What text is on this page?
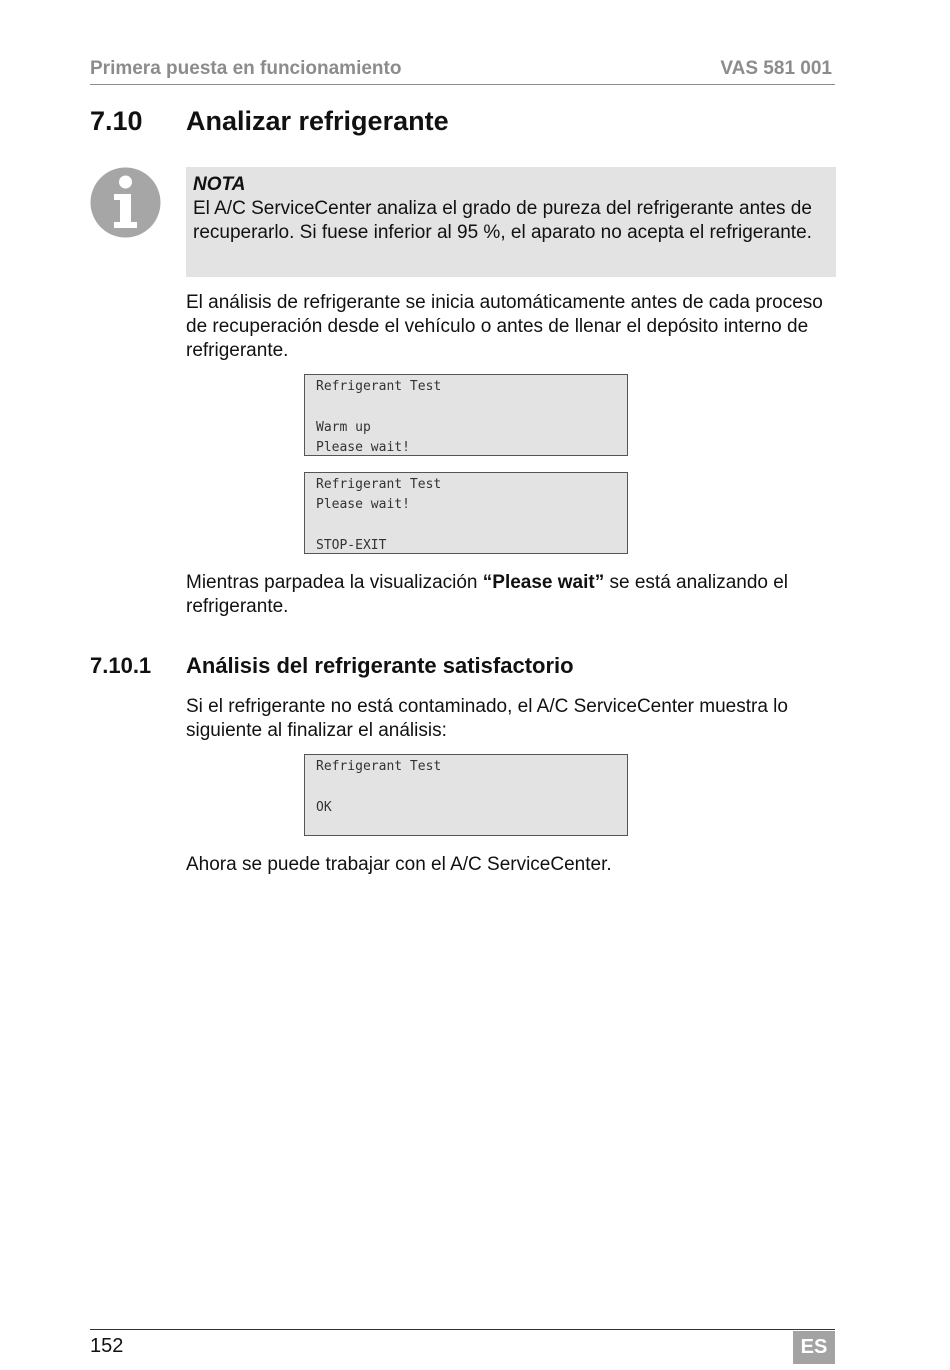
Primera puesta en funcionamiento	VAS 581 001
7.10 Analizar refrigerante
NOTA
El A/C ServiceCenter analiza el grado de pureza del refrigerante antes de recuperarlo. Si fuese inferior al 95 %, el aparato no acepta el refrigerante.
El análisis de refrigerante se inicia automáticamente antes de cada proceso de recuperación desde el vehículo o antes de llenar el depósito interno de refrigerante.
Refrigerant Test
Warm up
Please wait!
Refrigerant Test
Please wait!
STOP-EXIT
Mientras parpadea la visualización “Please wait” se está analizando el refrigerante.
7.10.1 Análisis del refrigerante satisfactorio
Si el refrigerante no está contaminado, el A/C ServiceCenter muestra lo siguiente al finalizar el análisis:
Refrigerant Test
OK
Ahora se puede trabajar con el A/C ServiceCenter.
152	ES
